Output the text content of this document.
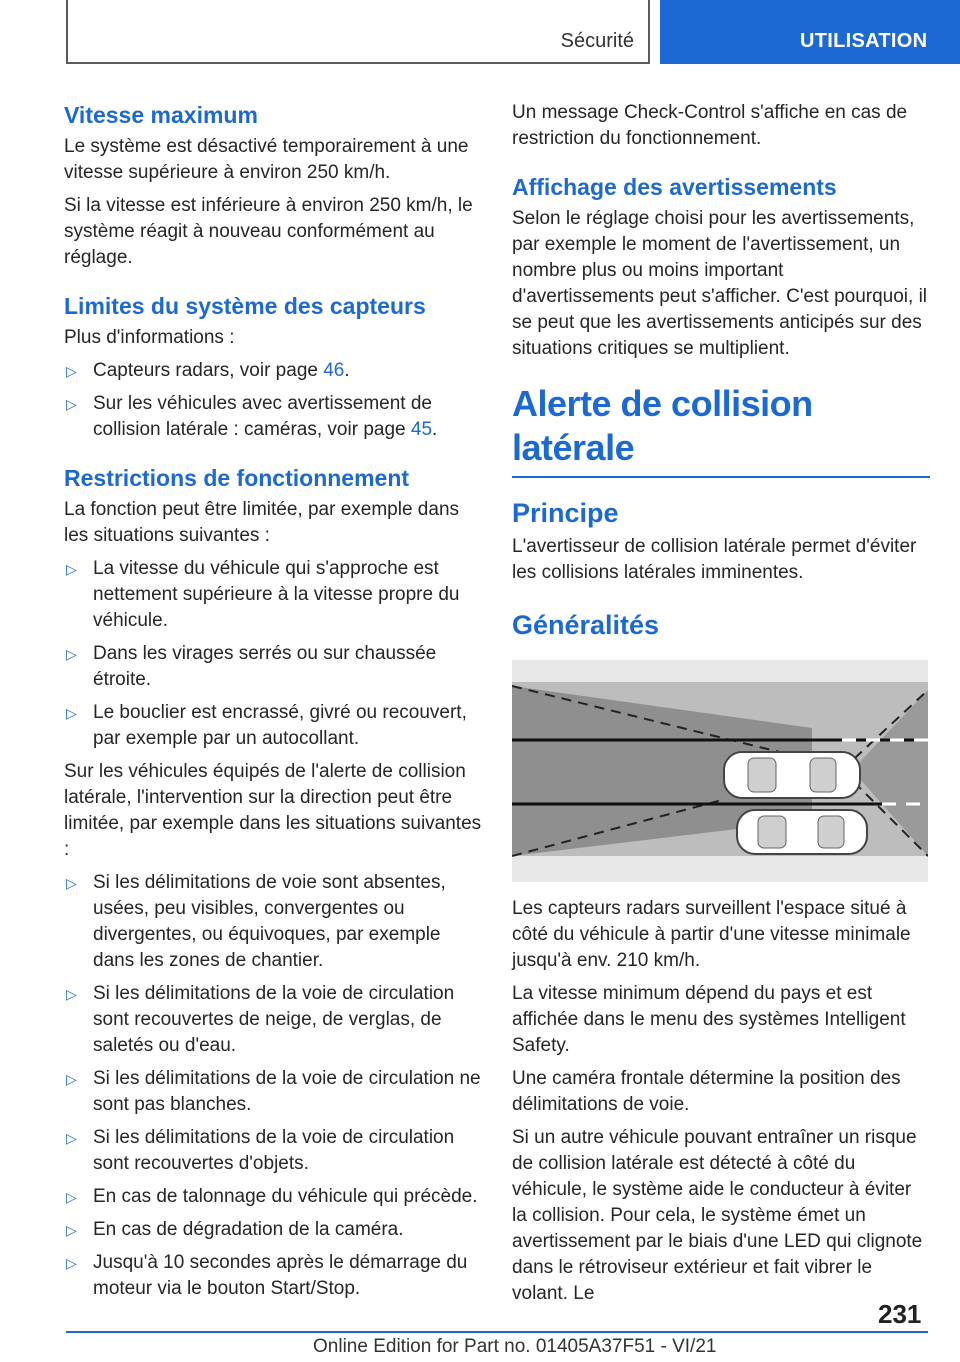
Sécurité	UTILISATION
Vitesse maximum

Le système est désactivé temporairement à une vitesse supérieure à environ 250 km/h.

Si la vitesse est inférieure à environ 250 km/h, le système réagit à nouveau conformément au réglage.

Limites du système des capteurs

Plus d'informations :

▷ Capteurs radars, voir page 46.
▷ Sur les véhicules avec avertissement de collision latérale : caméras, voir page 45.
Restrictions de fonctionnement

La fonction peut être limitée, par exemple dans les situations suivantes :

▷ La vitesse du véhicule qui s'approche est nettement supérieure à la vitesse propre du véhicule.
▷ Dans les virages serrés ou sur chaussée étroite.
▷ Le bouclier est encrassé, givré ou recouvert, par exemple par un autocollant.

Sur les véhicules équipés de l'alerte de collision latérale, l'intervention sur la direction peut être limitée, par exemple dans les situations suivantes :

▷ Si les délimitations de voie sont absentes, usées, peu visibles, convergentes ou divergentes, ou équivoques, par exemple dans les zones de chantier.
▷ Si les délimitations de la voie de circulation sont recouvertes de neige, de verglas, de saletés ou d'eau.
▷ Si les délimitations de la voie de circulation ne sont pas blanches.
▷ Si les délimitations de la voie de circulation sont recouvertes d'objets.
▷ En cas de talonnage du véhicule qui précède.
▷ En cas de dégradation de la caméra.
▷ Jusqu'à 10 secondes après le démarrage du moteur via le bouton Start/Stop.

Un message Check-Control s'affiche en cas de restriction du fonctionnement.

Affichage des avertissements

Selon le réglage choisi pour les avertissements, par exemple le moment de l'avertissement, un nombre plus ou moins important d'avertissements peut s'afficher. C'est pourquoi, il se peut que les avertissements anticipés sur des situations critiques se multiplient.

Alerte de collision latérale
Principe

L'avertisseur de collision latérale permet d'éviter les collisions latérales imminentes.

Généralités

Les capteurs radars surveillent l'espace situé à côté du véhicule à partir d'une vitesse minimale jusqu'à env. 210 km/h.

La vitesse minimum dépend du pays et est affichée dans le menu des systèmes Intelligent Safety.

Une caméra frontale détermine la position des délimitations de voie.

Si un autre véhicule pouvant entraîner un risque de collision latérale est détecté à côté du véhicule, le système aide le conducteur à éviter la collision. Pour cela, le système émet un avertissement par le biais d'une LED qui clignote dans le rétroviseur extérieur et fait vibrer le volant. Le

231
Online Edition for Part no. 01405A37F51 - VI/21
